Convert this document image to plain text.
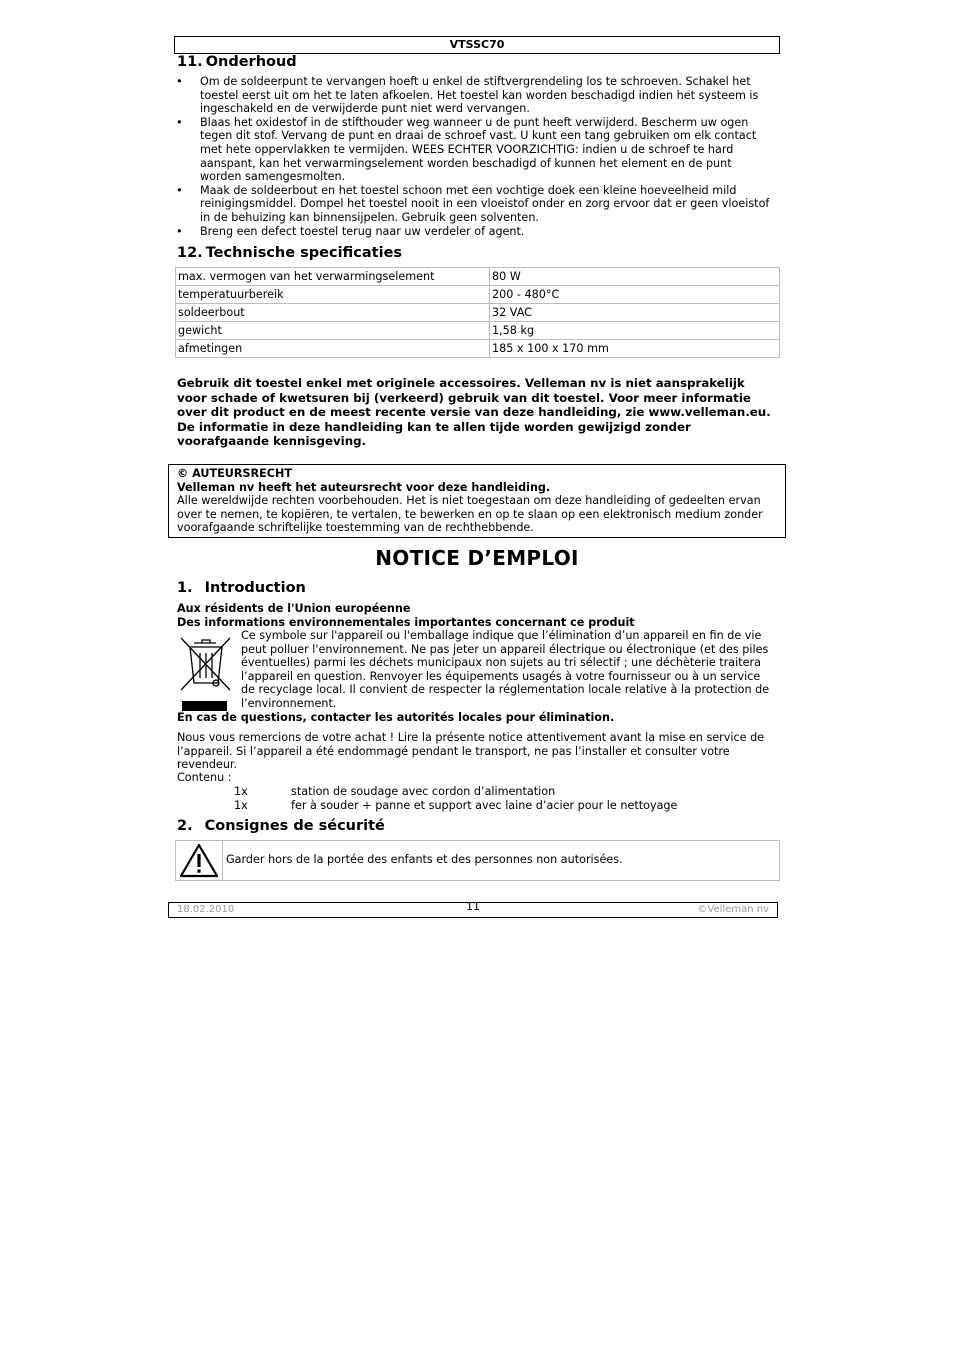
VTSSC70
11. Onderhoud
• Om de soldeerpunt te vervangen hoeft u enkel de stiftvergrendeling los te schroeven. Schakel het toestel eerst uit om het te laten afkoelen. Het toestel kan worden beschadigd indien het systeem is ingeschakeld en de verwijderde punt niet werd vervangen.
• Blaas het oxidestof in de stifthouder weg wanneer u de punt heeft verwijderd. Bescherm uw ogen tegen dit stof. Vervang de punt en draai de schroef vast. U kunt een tang gebruiken om elk contact met hete oppervlakken te vermijden. WEES ECHTER VOORZICHTIG: indien u de schroef te hard aanspant, kan het verwarmingselement worden beschadigd of kunnen het element en de punt worden samengesmolten.
• Maak de soldeerbout en het toestel schoon met een vochtige doek een kleine hoeveelheid mild reinigingsmiddel. Dompel het toestel nooit in een vloeistof onder en zorg ervoor dat er geen vloeistof in de behuizing kan binnensijpelen. Gebruik geen solventen.
• Breng een defect toestel terug naar uw verdeler of agent.
12. Technische specificaties
max. vermogen van het verwarmingselement	80 W
temperatuurbereik	200 - 480°C
soldeerbout	32 VAC
gewicht	1,58 kg
afmetingen	185 x 100 x 170 mm
Gebruik dit toestel enkel met originele accessoires. Velleman nv is niet aansprakelijk voor schade of kwetsuren bij (verkeerd) gebruik van dit toestel. Voor meer informatie over dit product en de meest recente versie van deze handleiding, zie www.velleman.eu. De informatie in deze handleiding kan te allen tijde worden gewijzigd zonder voorafgaande kennisgeving.
© AUTEURSRECHT
Velleman nv heeft het auteursrecht voor deze handleiding.
Alle wereldwijde rechten voorbehouden. Het is niet toegestaan om deze handleiding of gedeelten ervan over te nemen, te kopiëren, te vertalen, te bewerken en op te slaan op een elektronisch medium zonder voorafgaande schriftelijke toestemming van de rechthebbende.
NOTICE D’EMPLOI
1. Introduction
Aux résidents de l'Union européenne
Des informations environnementales importantes concernant ce produit
Ce symbole sur l'appareil ou l'emballage indique que l’élimination d’un appareil en fin de vie peut polluer l'environnement. Ne pas jeter un appareil électrique ou électronique (et des piles éventuelles) parmi les déchets municipaux non sujets au tri sélectif ; une déchèterie traitera l’appareil en question. Renvoyer les équipements usagés à votre fournisseur ou à un service de recyclage local. Il convient de respecter la réglementation locale relative à la protection de l’environnement.
En cas de questions, contacter les autorités locales pour élimination.
Nous vous remercions de votre achat ! Lire la présente notice attentivement avant la mise en service de l’appareil. Si l’appareil a été endommagé pendant le transport, ne pas l’installer et consulter votre revendeur.
Contenu :
1x	station de soudage avec cordon d’alimentation
1x	fer à souder + panne et support avec laine d’acier pour le nettoyage
2. Consignes de sécurité
Garder hors de la portée des enfants et des personnes non autorisées.
18.02.2010	11	©Velleman nv
